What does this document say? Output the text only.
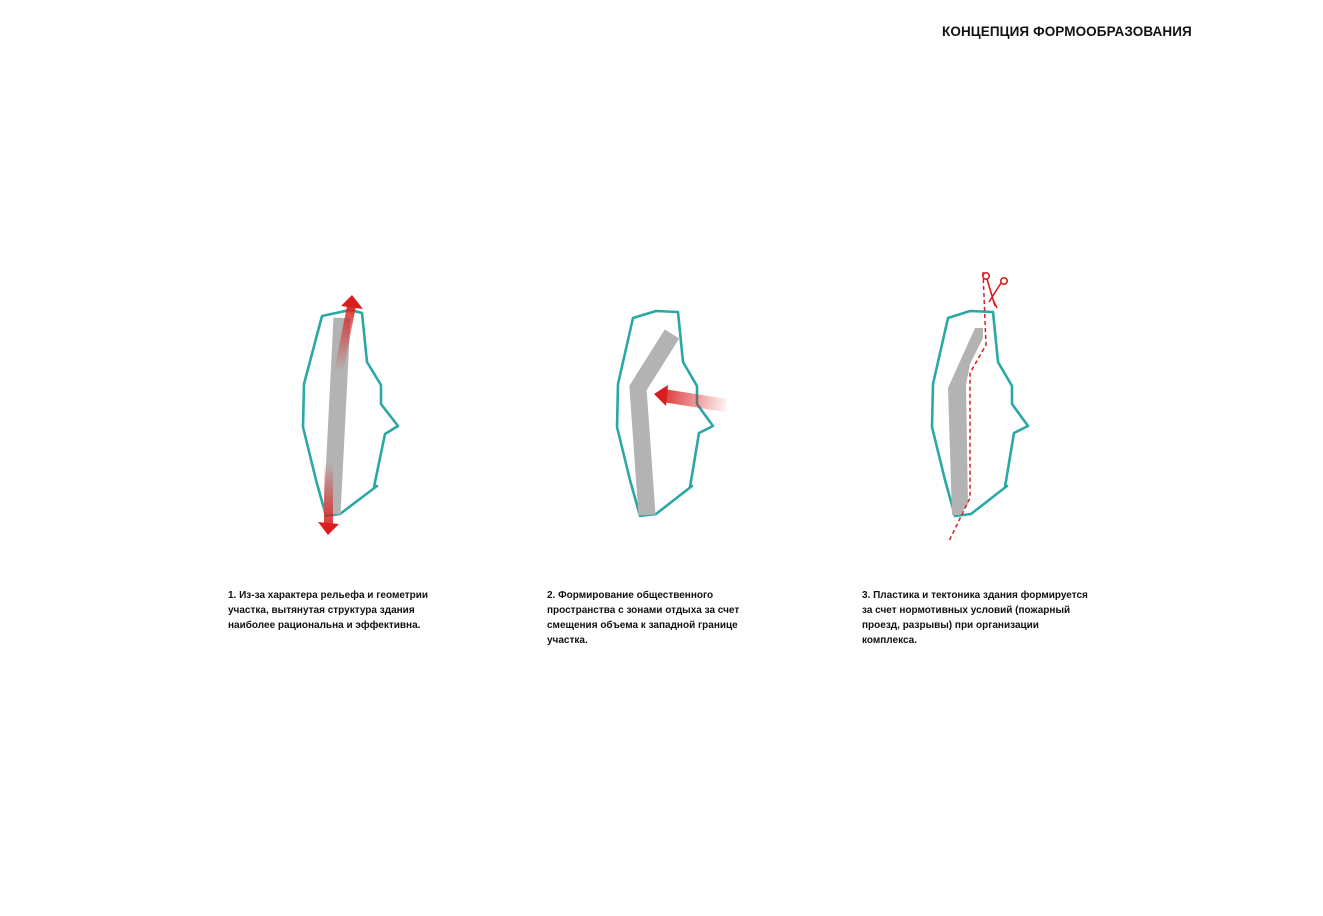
КОНЦЕПЦИЯ ФОРМООБРАЗОВАНИЯ
1. Из-за характера рельефа и геометрии
участка, вытянутая структура здания
наиболее рациональна и эффективна.
2. Формирование общественного
пространства с зонами отдыха за счет
смещения объема к западной границе
участка.
3. Пластика и тектоника здания формируется
за счет нормотивных условий (пожарный
проезд, разрывы) при организации
комплекса.
